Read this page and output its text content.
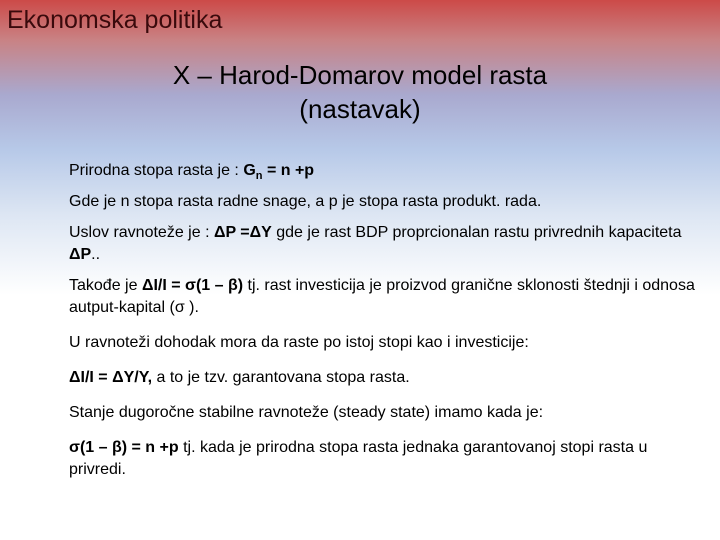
Ekonomska politika
X – Harod-Domarov model rasta
(nastavak)

Prirodna stopa rasta je : $G_n = n +p$

Gde je n stopa rasta radne snage, a p je stopa rasta produkt. rada.

Uslov ravnoteže je : ΔP =ΔY gde je rast BDP proprcionalan rastu privrednih kapaciteta ΔP..

Takođe je ΔI/I = σ(1 – β) tj. rast investicija je proizvod granične sklonosti štednji i odnosa autput-kapital (σ ).

U ravnoteži dohodak mora da raste po istoj stopi kao i investicije:

ΔI/I = ΔY/Y, a to je tzv. garantovana stopa rasta.

Stanje dugoročne stabilne ravnoteže (steady state) imamo kada je:

σ(1 – β) = n +p tj. kada je prirodna stopa rasta jednaka garantovanoj stopi rasta u privredi.
